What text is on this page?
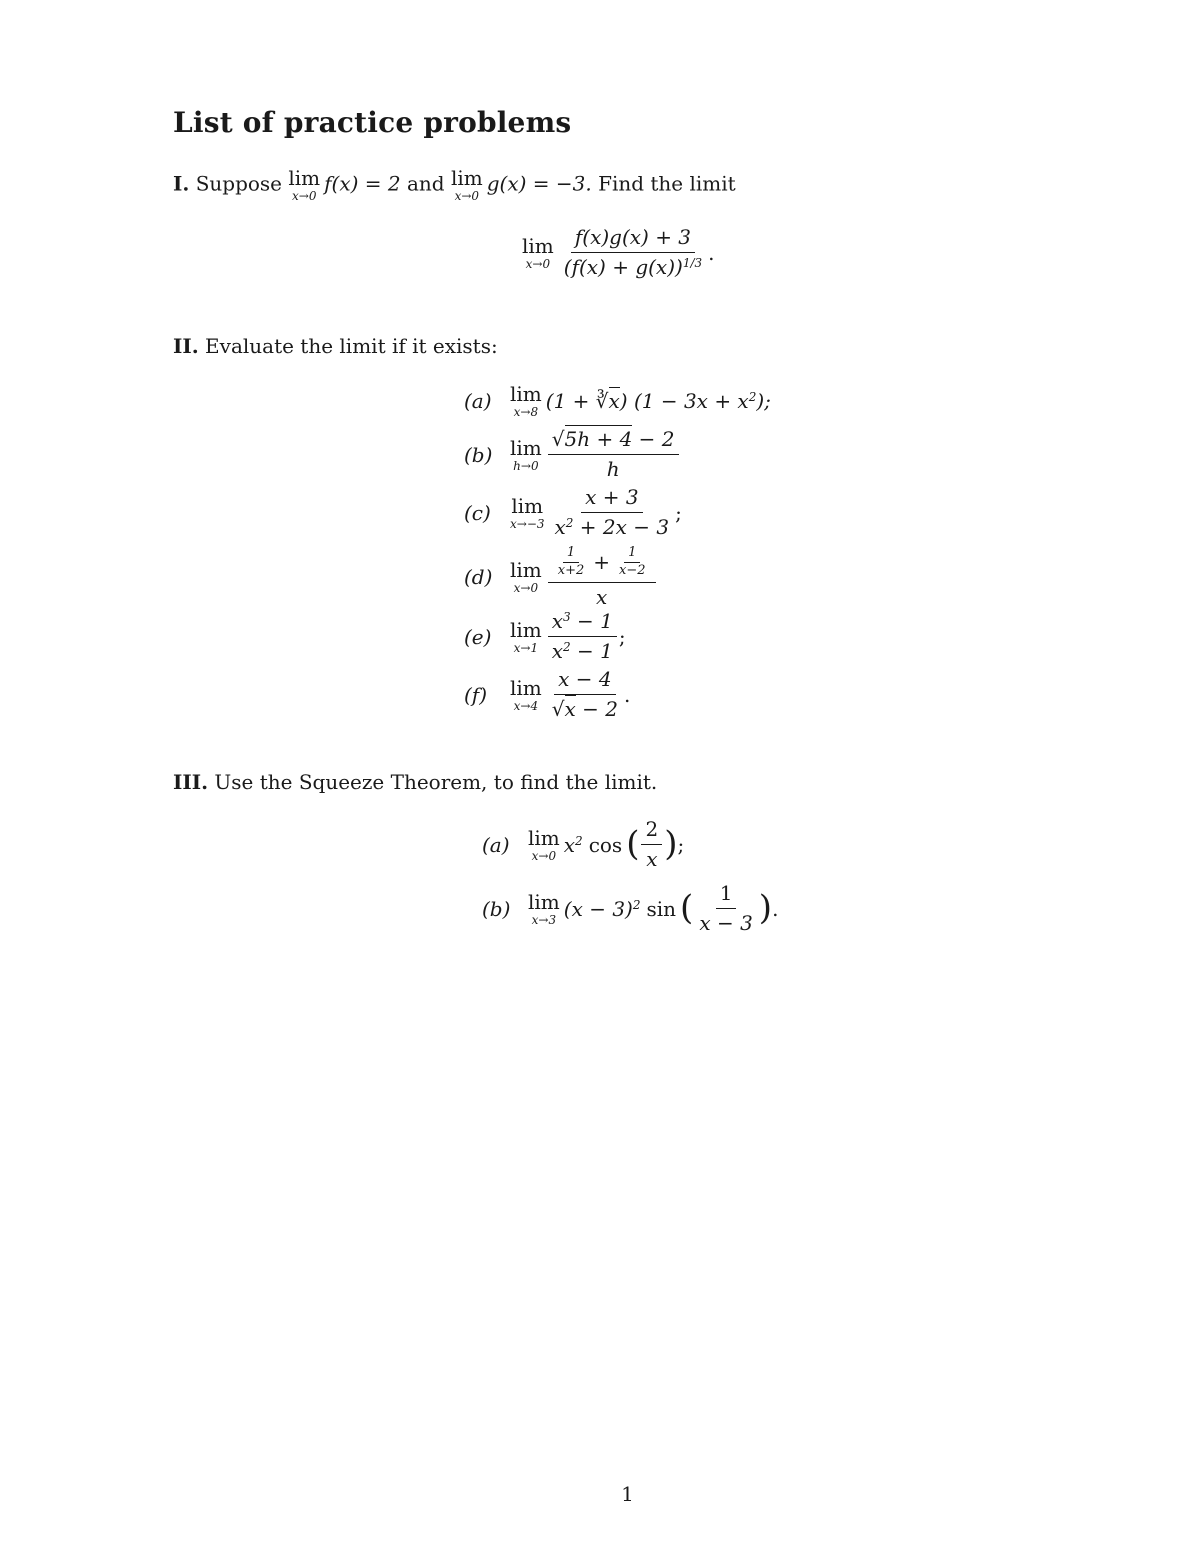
List of practice problems
I. Suppose lim
x→0
f(x) = 2 and lim
x→0
g(x) = −3. Find the limit
lim
$x\to 0 \frac{f(x)g(x) + 3}{(f(x) + g(x))^{1/3}}$ .
II. Evaluate the limit if it exists:
(a) lim
x→8 (1 + ∛x) $(1 - 3x + x^2)$;
(b) lim
$h\to 0 \frac{√5h + 4 - 2}{h}$
(c)	lim
$x\to-3 \frac{x + 3}{x^2 + 2x - 3}$ ;
(d) lim
$x\to 0 \frac{\frac{1}{x+2} + \frac{1}{x-2}}{x}$
(e) lim
$x\to 1 \frac{x^3 - 1}{x^2 - 1}$ ;
(f)	lim
$x\to 4 \frac{x - 4}{√x - 2}$ .
III. Use the Squeeze Theorem, to find the limit.
(a) lim
x→0 $x^2$ cos ( $\frac{2}{x}$ ) ;
(b) lim
x→3 $(x - 3)^2$ sin ( $\frac{1}{x - 3}$ ) .
1
